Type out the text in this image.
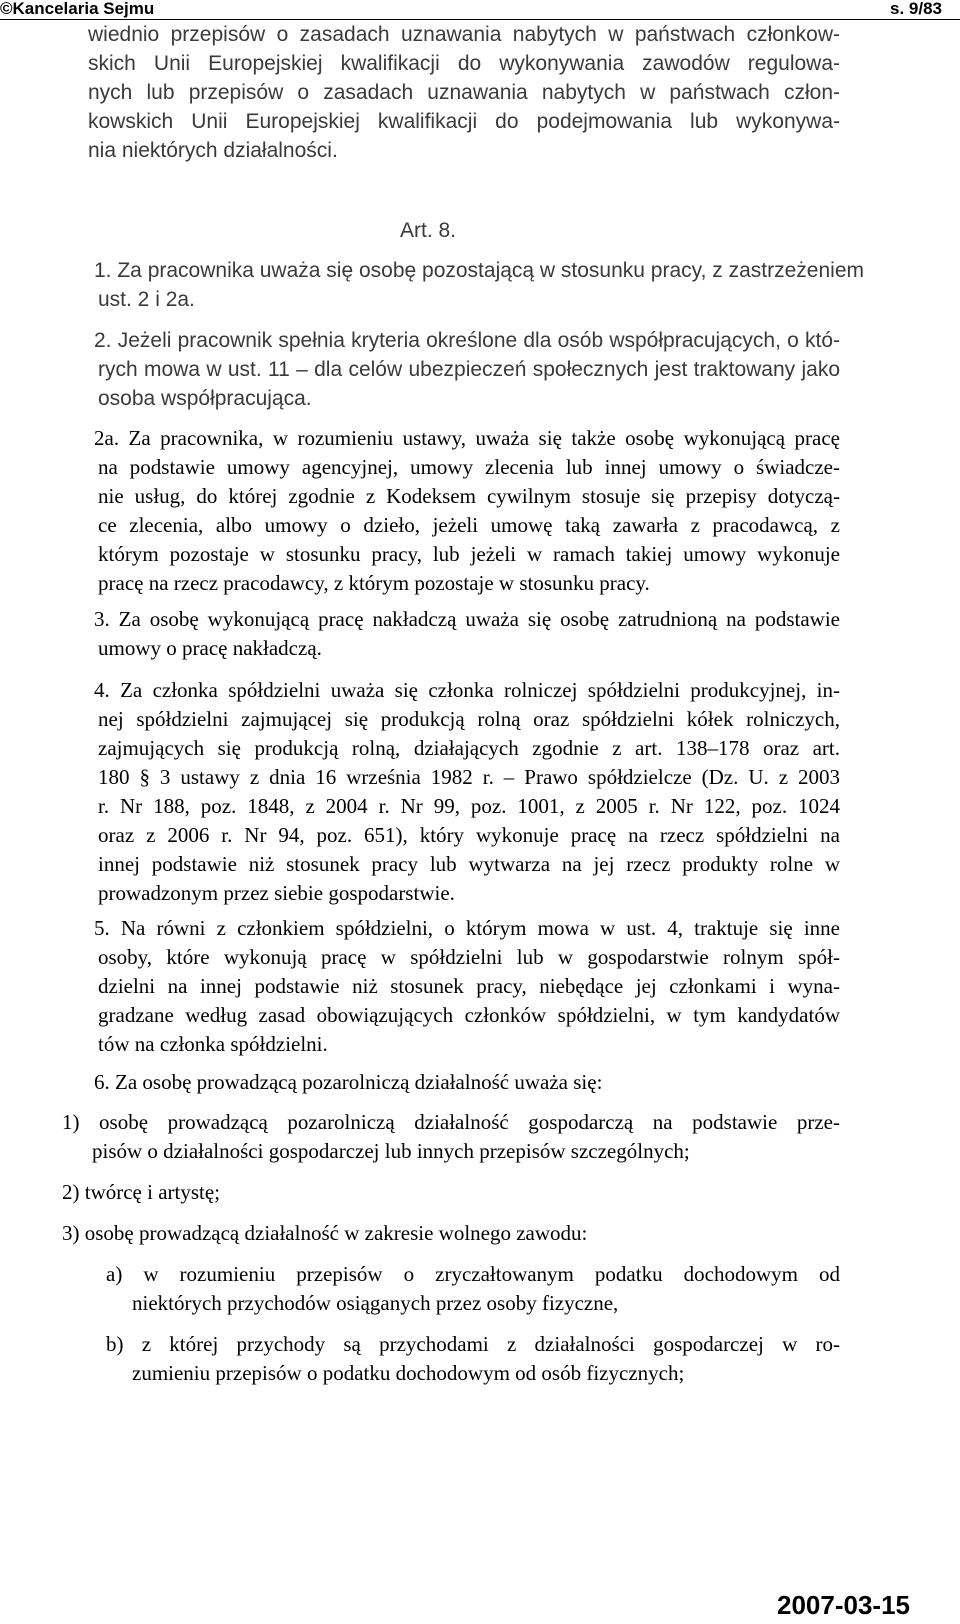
©Kancelaria Sejmu	s. 9/83
wiednio przepisów o zasadach uznawania nabytych w państwach członkow-
skich Unii Europejskiej kwalifikacji do wykonywania zawodów regulowa-
nych lub przepisów o zasadach uznawania nabytych w państwach człon-
kowskich Unii Europejskiej kwalifikacji do podejmowania lub wykonywa-
nia niektórych działalności.
Art. 8.
1. Za pracownika uważa się osobę pozostającą w stosunku pracy, z zastrzeżeniem
ust. 2 i 2a.
2. Jeżeli pracownik spełnia kryteria określone dla osób współpracujących, o któ-
rych mowa w ust. 11 – dla celów ubezpieczeń społecznych jest traktowany jako
osoba współpracująca.
2a. Za pracownika, w rozumieniu ustawy, uważa się także osobę wykonującą pracę
na podstawie umowy agencyjnej, umowy zlecenia lub innej umowy o świadcze-
nie usług, do której zgodnie z Kodeksem cywilnym stosuje się przepisy dotyczą-
ce zlecenia, albo umowy o dzieło, jeżeli umowę taką zawarła z pracodawcą, z
którym pozostaje w stosunku pracy, lub jeżeli w ramach takiej umowy wykonuje
pracę na rzecz pracodawcy, z którym pozostaje w stosunku pracy.
3. Za osobę wykonującą pracę nakładczą uważa się osobę zatrudnioną na podstawie
umowy o pracę nakładczą.
4. Za członka spółdzielni uważa się członka rolniczej spółdzielni produkcyjnej, in-
nej spółdzielni zajmującej się produkcją rolną oraz spółdzielni kółek rolniczych,
zajmujących się produkcją rolną, działających zgodnie z art. 138–178 oraz art.
180 § 3 ustawy z dnia 16 września 1982 r. – Prawo spółdzielcze (Dz. U. z 2003
r. Nr 188, poz. 1848, z 2004 r. Nr 99, poz. 1001, z 2005 r. Nr 122, poz. 1024
oraz z 2006 r. Nr 94, poz. 651), który wykonuje pracę na rzecz spółdzielni na
innej podstawie niż stosunek pracy lub wytwarza na jej rzecz produkty rolne w
prowadzonym przez siebie gospodarstwie.
5. Na równi z członkiem spółdzielni, o którym mowa w ust. 4, traktuje się inne
osoby, które wykonują pracę w spółdzielni lub w gospodarstwie rolnym spół-
dzielni na innej podstawie niż stosunek pracy, niebędące jej członkami i wyna-
gradzane według zasad obowiązujących członków spółdzielni, w tym kandydatów
tów na członka spółdzielni.
6. Za osobę prowadzącą pozarolniczą działalność uważa się:
1) osobę prowadzącą pozarolniczą działalność gospodarczą na podstawie prze-
pisów o działalności gospodarczej lub innych przepisów szczególnych;
2) twórcę i artystę;
3) osobę prowadzącą działalność w zakresie wolnego zawodu:
a) w rozumieniu przepisów o zryczałtowanym podatku dochodowym od
niektórych przychodów osiąganych przez osoby fizyczne,
b) z której przychody są przychodami z działalności gospodarczej w ro-
zumieniu przepisów o podatku dochodowym od osób fizycznych;
2007-03-15
